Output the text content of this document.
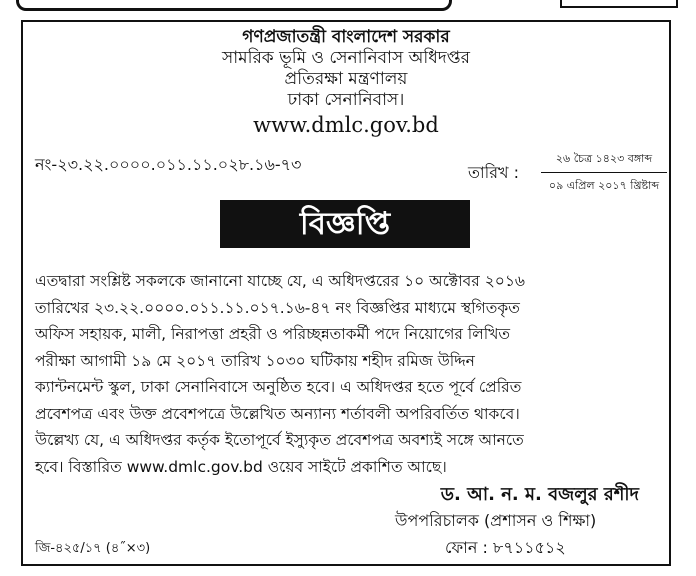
গণপ্রজাতন্ত্রী বাংলাদেশ সরকার
সামরিক ভূমি ও সেনানিবাস অধিদপ্তর
প্রতিরক্ষা মন্ত্রণালয়
ঢাকা সেনানিবাস।
www.dmlc.gov.bd
নং-২৩.২২.০০০০.০১১.১১.০২৮.১৬-৭৩	তারিখ :
২৬ চৈত্র ১৪২৩ বঙ্গাব্দ
০৯ এপ্রিল ২০১৭ খ্রিষ্টাব্দ
বিজ্ঞপ্তি
এতদ্বারা সংশ্লিষ্ট সকলকে জানানো যাচ্ছে যে, এ অধিদপ্তরের ১০ অক্টোবর ২০১৬
তারিখের ২৩.২২.০০০০.০১১.১১.০১৭.১৬-৪৭ নং বিজ্ঞপ্তির মাধ্যমে স্থগিতকৃত
অফিস সহায়ক, মালী, নিরাপত্তা প্রহরী ও পরিচ্ছন্নতাকর্মী পদে নিয়োগের লিখিত
পরীক্ষা আগামী ১৯ মে ২০১৭ তারিখ ১০৩০ ঘটিকায় শহীদ রমিজ উদ্দিন
ক্যান্টনমেন্ট স্কুল, ঢাকা সেনানিবাসে অনুষ্ঠিত হবে। এ অধিদপ্তর হতে পূর্বে প্রেরিত
প্রবেশপত্র এবং উক্ত প্রবেশপত্রে উল্লেখিত অন্যান্য শর্তাবলী অপরিবর্তিত থাকবে।
উল্লেখ্য যে, এ অধিদপ্তর কর্তৃক ইতোপূর্বে ইস্যুকৃত প্রবেশপত্র অবশ্যই সঙ্গে আনতে
হবে। বিস্তারিত www.dmlc.gov.bd ওয়েব সাইটে প্রকাশিত আছে।
ড. আ. ন. ম. বজলুর রশীদ
উপপরিচালক (প্রশাসন ও শিক্ষা)
ফোন : ৮৭১১৫১২
জি-৪২৫/১৭ (৪˝×৩)
